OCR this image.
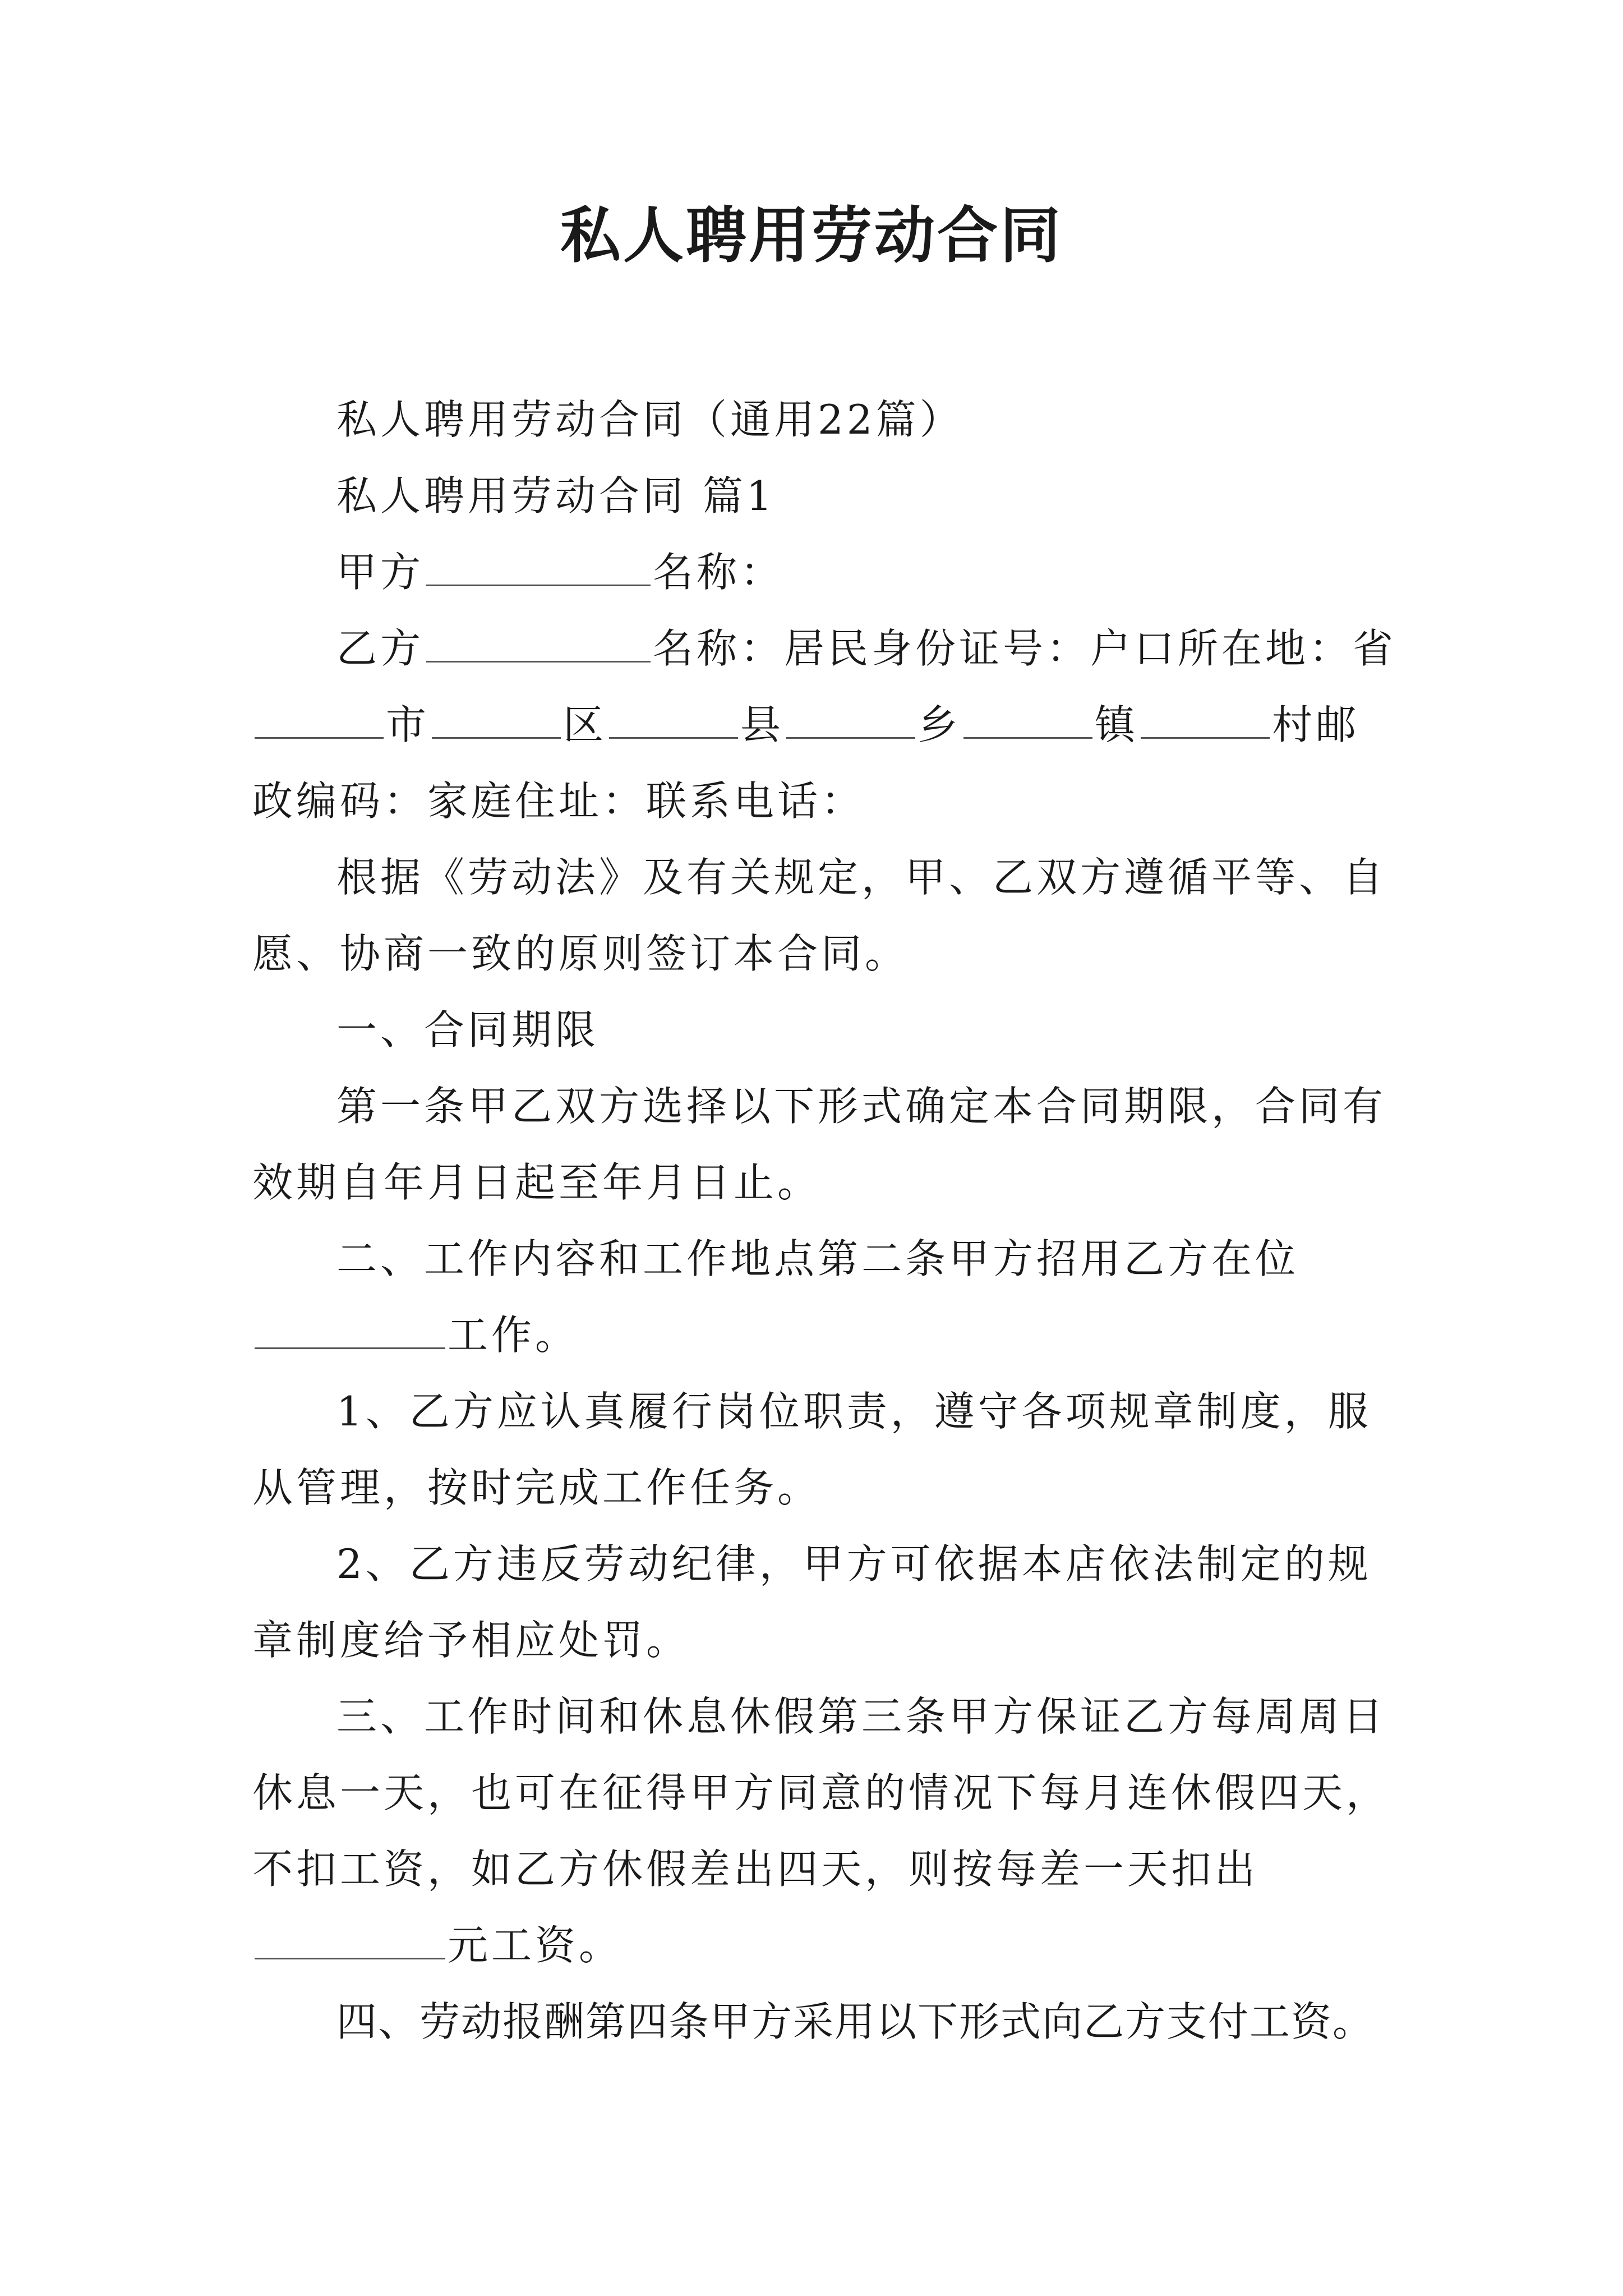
私人聘用劳动合同

私人聘用劳动合同（通用22篇）

私人聘用劳动合同 篇1

甲方	名称：

乙方	名称：居民身份证号：户口所在地：省市	区	县	乡	镇	村邮政编码：家庭住址：联系电话：

根据《劳动法》及有关规定，甲、乙双方遵循平等、自愿、协商一致的原则签订本合同。

一、合同期限

第一条甲乙双方选择以下形式确定本合同期限，合同有效期自年月日起至年月日止。

二、工作内容和工作地点第二条甲方招用乙方在位工作。

1、乙方应认真履行岗位职责，遵守各项规章制度，服从管理，按时完成工作任务。

2、乙方违反劳动纪律，甲方可依据本店依法制定的规章制度给予相应处罚。

三、工作时间和休息休假第三条甲方保证乙方每周周日休息一天，也可在征得甲方同意的情况下每月连休假四天，不扣工资，如乙方休假差出四天，则按每差一天扣出元工资。

四、劳动报酬第四条甲方采用以下形式向乙方支付工资。
